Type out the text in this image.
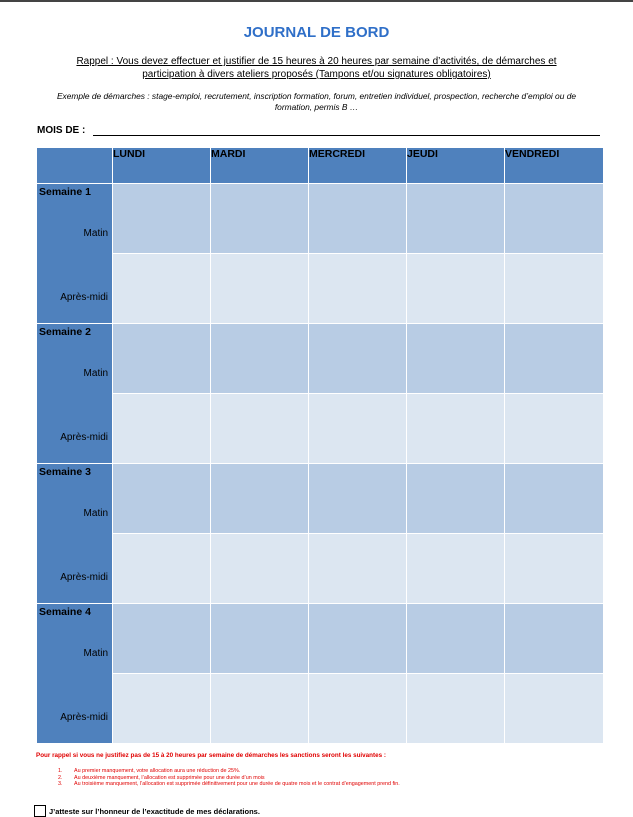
JOURNAL DE BORD
Rappel : Vous devez effectuer et justifier de 15 heures à 20 heures par semaine d’activités, de démarches et participation à divers ateliers proposés (Tampons et/ou signatures obligatoires)
Exemple de démarches : stage-emploi, recrutement, inscription formation, forum, entretien individuel, prospection, recherche d’emploi ou de formation, permis B …
MOIS DE :
	LUNDI	MARDI	MERCREDI	JEUDI	VENDREDI

Semaine 1
Matin
Après-midi					

Semaine 2
Matin
Après-midi					

Semaine 3
Matin
Après-midi					

Semaine 4
Matin
Après-midi					

Pour rappel si vous ne justifiez pas de 15 à 20 heures par semaine de démarches les sanctions seront les suivantes :
1. Au premier manquement, votre allocation aura une réduction de 25%.
2. Au deuxième manquement, l’allocation est supprimée pour une durée d’un mois
3. Au troisième manquement, l’allocation est supprimée définitivement pour une durée de quatre mois et le contrat d’engagement prend fin.
J’atteste sur l’honneur de l’exactitude de mes déclarations.
